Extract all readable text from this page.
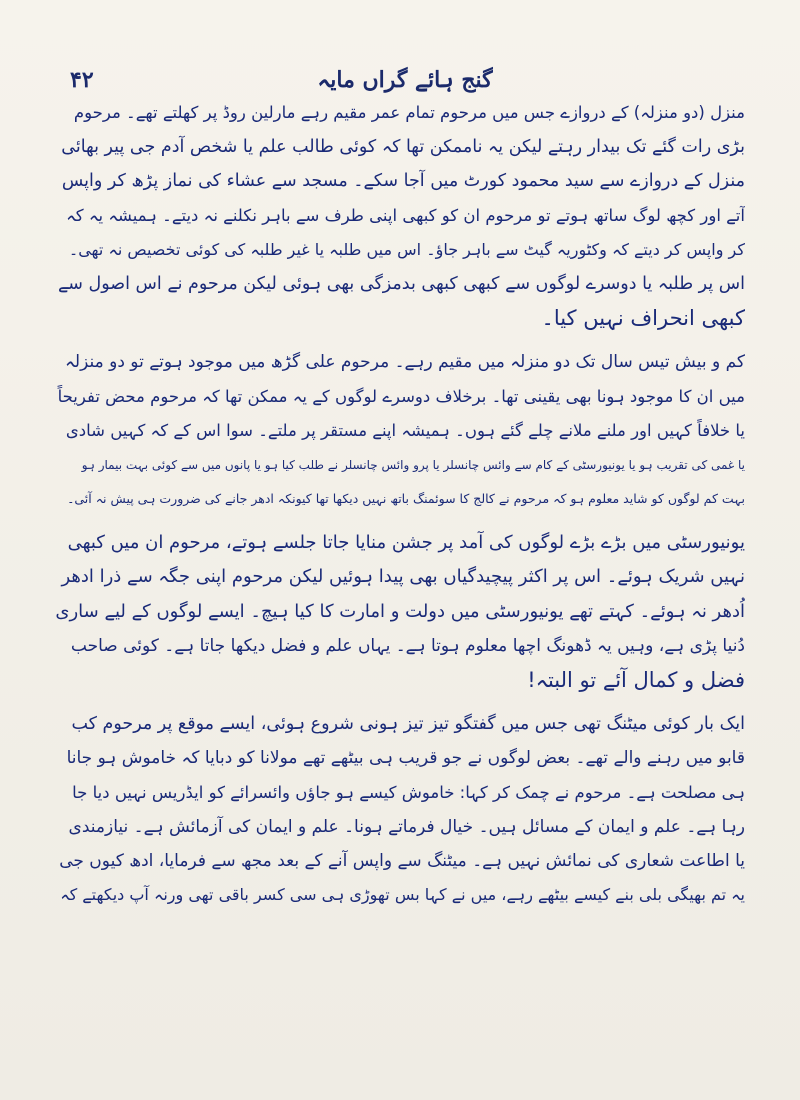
۴۲	گنج ہائے گراں مایہ
منزل (دو منزلہ) کے دروازے جس میں مرحوم تمام عمر مقیم رہے مارلین روڈ پر کھلتے تھے۔ مرحوم
بڑی رات گئے تک بیدار رہتے لیکن یہ ناممکن تھا کہ کوئی طالب علم یا شخص آدم جی پیر بھائی
منزل کے دروازے سے سید محمود کورٹ میں آجا سکے۔ مسجد سے عشاء کی نماز پڑھ کر واپس
آتے اور کچھ لوگ ساتھ ہوتے تو مرحوم ان کو کبھی اپنی طرف سے باہر نکلنے نہ دیتے۔ ہمیشہ یہ کہ
کر واپس کر دیتے کہ وکٹوریہ گیٹ سے باہر جاؤ۔ اس میں طلبہ یا غیر طلبہ کی کوئی تخصیص نہ تھی۔
اس پر طلبہ یا دوسرے لوگوں سے کبھی کبھی بدمزگی بھی ہوئی لیکن مرحوم نے اس اصول سے
کبھی انحراف نہیں کیا۔
کم و بیش تیس سال تک دو منزلہ میں مقیم رہے۔ مرحوم علی گڑھ میں موجود ہوتے تو دو منزلہ
میں ان کا موجود ہونا بھی یقینی تھا۔ برخلاف دوسرے لوگوں کے یہ ممکن تھا کہ مرحوم محض تفریحاً
یا خلافاً کہیں اور ملنے ملانے چلے گئے ہوں۔ ہمیشہ اپنے مستقر پر ملتے۔ سوا اس کے کہ کہیں شادی
یا غمی کی تقریب ہو یا یونیورسٹی کے کام سے وائس چانسلر یا پرو وائس چانسلر نے طلب کیا ہو یا پانوں میں سے کوئی بہت بیمار ہو
بہت کم لوگوں کو شاید معلوم ہو کہ مرحوم نے کالج کا سوئمنگ باتھ نہیں دیکھا تھا کیونکہ ادھر جانے کی ضرورت ہی پیش نہ آئی۔
یونیورسٹی میں بڑے بڑے لوگوں کی آمد پر جشن منایا جاتا جلسے ہوتے، مرحوم ان میں کبھی
نہیں شریک ہوئے۔ اس پر اکثر پیچیدگیاں بھی پیدا ہوئیں لیکن مرحوم اپنی جگہ سے ذرا ادھر
اُدھر نہ ہوئے۔ کہتے تھے یونیورسٹی میں دولت و امارت کا کیا ہیچ۔ ایسے لوگوں کے لیے ساری
دُنیا پڑی ہے، وہیں یہ ڈھونگ اچھا معلوم ہوتا ہے۔ یہاں علم و فضل دیکھا جاتا ہے۔ کوئی صاحب
فضل و کمال آئے تو البتہ!
ایک بار کوئی میٹنگ تھی جس میں گفتگو تیز تیز ہونی شروع ہوئی، ایسے موقع پر مرحوم کب
قابو میں رہنے والے تھے۔ بعض لوگوں نے جو قریب ہی بیٹھے تھے مولانا کو دبایا کہ خاموش ہو جانا
ہی مصلحت ہے۔ مرحوم نے چمک کر کہا: خاموش کیسے ہو جاؤں وائسرائے کو ایڈریس نہیں دیا جا
رہا ہے۔ علم و ایمان کے مسائل ہیں۔ خیال فرماتے ہونا۔ علم و ایمان کی آزمائش ہے۔ نیازمندی
یا اطاعت شعاری کی نمائش نہیں ہے۔ میٹنگ سے واپس آنے کے بعد مجھ سے فرمایا، ادھ کیوں جی
یہ تم بھیگی بلی بنے کیسے بیٹھے رہے، میں نے کہا بس تھوڑی ہی سی کسر باقی تھی ورنہ آپ دیکھتے کہ
